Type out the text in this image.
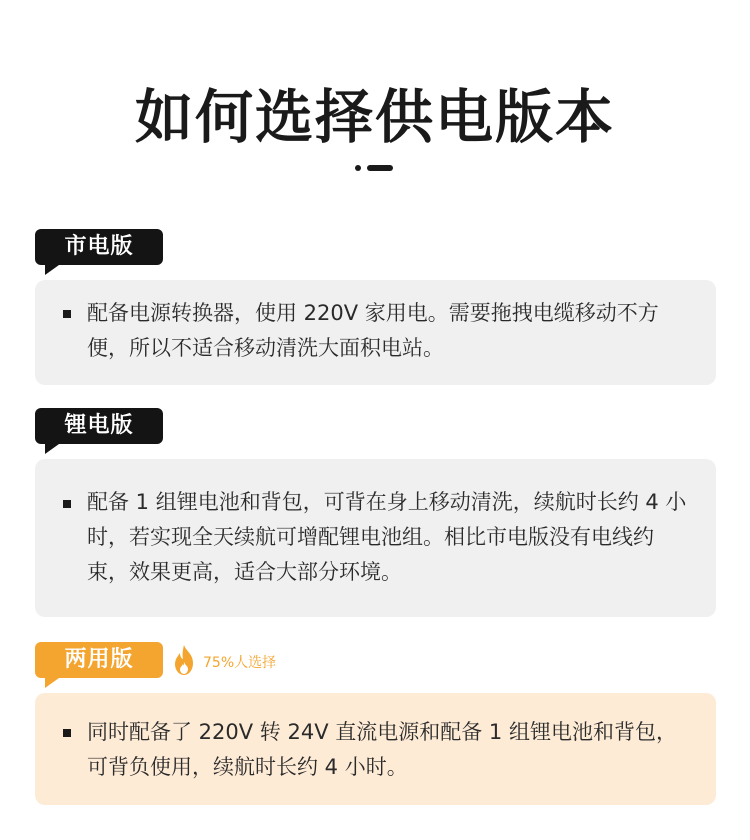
如何选择供电版本
市电版
配备电源转换器，使用 220V 家用电。需要拖拽电缆移动不方便，所以不适合移动清洗大面积电站。
锂电版
配备 1 组锂电池和背包，可背在身上移动清洗，续航时长约 4 小时，若实现全天续航可增配锂电池组。相比市电版没有电线约束，效果更高，适合大部分环境。
两用版	75%人选择
同时配备了 220V 转 24V 直流电源和配备 1 组锂电池和背包，可背负使用，续航时长约 4 小时。
